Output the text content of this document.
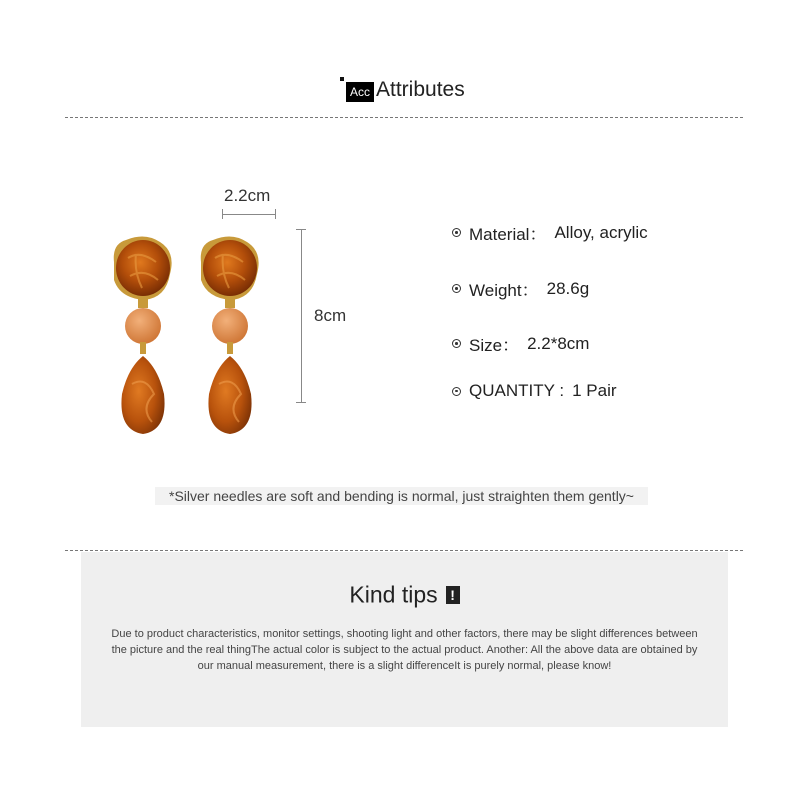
Acc Attributes
2.2cm
8cm
Material： Alloy, acrylic
Weight： 28.6g
Size： 2.2*8cm
QUANTITY : 1 Pair
*Silver needles are soft and bending is normal, just straighten them gently~
Kind tips !
Due to product characteristics, monitor settings, shooting light and other factors, there may be slight differences between the picture and the real thingThe actual color is subject to the actual product. Another: All the above data are obtained by our manual measurement, there is a slight differenceIt is purely normal, please know!
